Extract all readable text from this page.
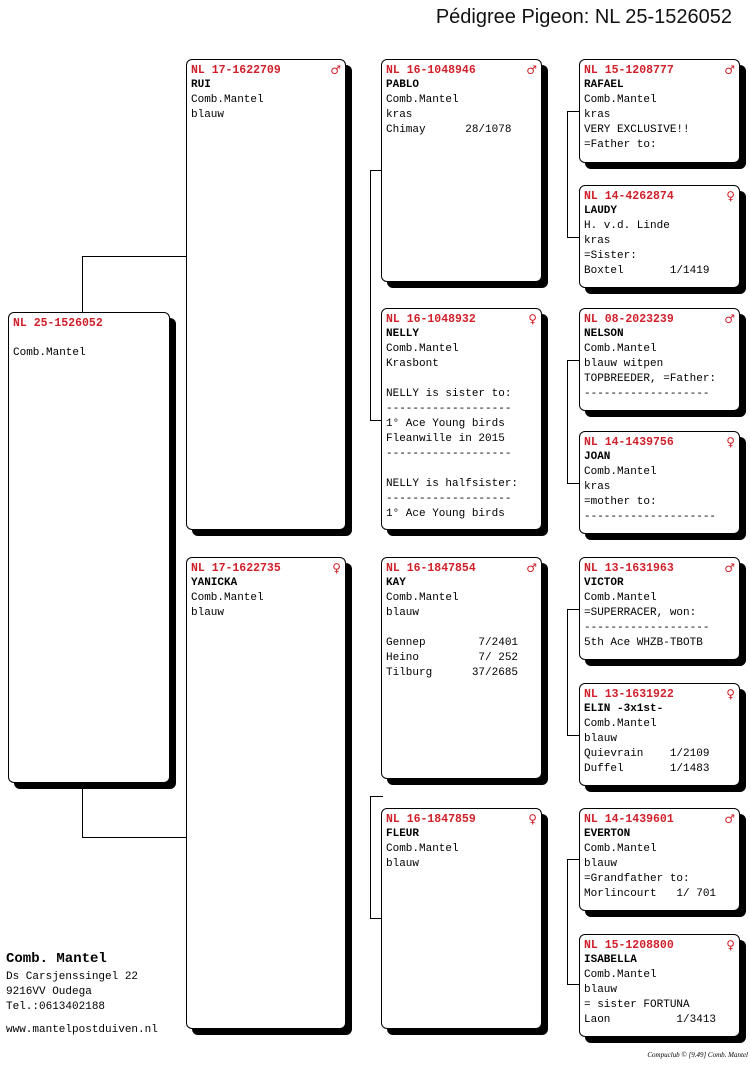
Pédigree Pigeon: NL 25-1526052
NL 25-1526052
Comb.Mantel
NL 17-1622709	♂
RUI
Comb.Mantel
blauw
NL 17-1622735	♀
YANICKA
Comb.Mantel
blauw
NL 16-1048946	♂
PABLO
Comb.Mantel
kras
Chimay      28/1078
NL 16-1048932	♀
NELLY
Comb.Mantel
Krasbont
NELLY is sister to:
-------------------
1° Ace Young birds
Fleanwille in 2015
-------------------
NELLY is halfsister:
-------------------
1° Ace Young birds
NL 16-1847854	♂
KAY
Comb.Mantel
blauw
Gennep        7/2401
Heino         7/ 252
Tilburg      37/2685
NL 16-1847859	♀
FLEUR
Comb.Mantel
blauw
NL 15-1208777	♂
RAFAEL
Comb.Mantel
kras
VERY EXCLUSIVE!!
=Father to:
NL 14-4262874	♀
LAUDY
H. v.d. Linde
kras
=Sister:
Boxtel       1/1419
NL 08-2023239	♂
NELSON
Comb.Mantel
blauw witpen
TOPBREEDER, =Father:
-------------------
NL 14-1439756	♀
JOAN
Comb.Mantel
kras
=mother to:
--------------------
NL 13-1631963	♂
VICTOR
Comb.Mantel
=SUPERRACER, won:
-------------------
5th Ace WHZB-TBOTB
NL 13-1631922	♀
ELIN -3x1st-
Comb.Mantel
blauw
Quievrain    1/2109
Duffel       1/1483
NL 14-1439601	♂
EVERTON
Comb.Mantel
blauw
=Grandfather to:
Morlincourt   1/ 701
NL 15-1208800	♀
ISABELLA
Comb.Mantel
blauw
= sister FORTUNA
Laon          1/3413
Comb. Mantel
Ds Carsjenssingel 22
9216VV Oudega
Tel.:0613402188
www.mantelpostduiven.nl
Compuclub © [9.49] Comb. Mantel
